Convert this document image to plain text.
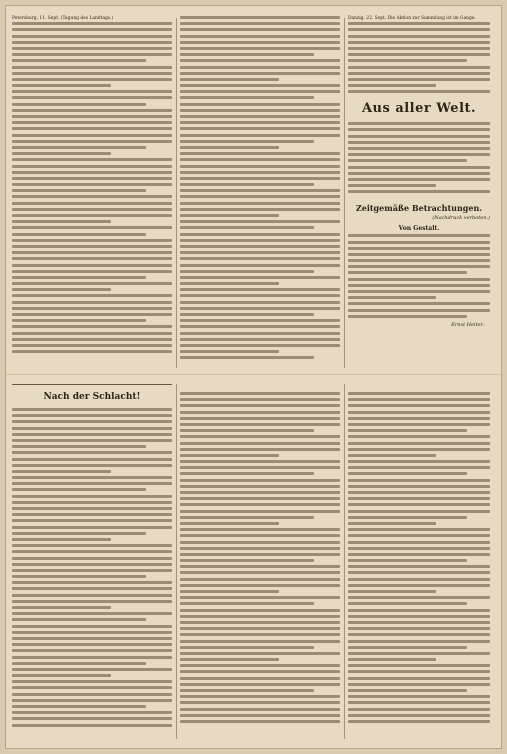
Petersburg, 11. Sept. (Tagung des Landtags.)	Danzig, 22. Sept. Die Aktion zur Sammlung ist im Gange.

Aus aller Welt.
Zeitgemäße Betrachtungen.
(Nachdruck verboten.)
Von Gestalt.
Ernst Heiter.
Nach der Schlacht!
